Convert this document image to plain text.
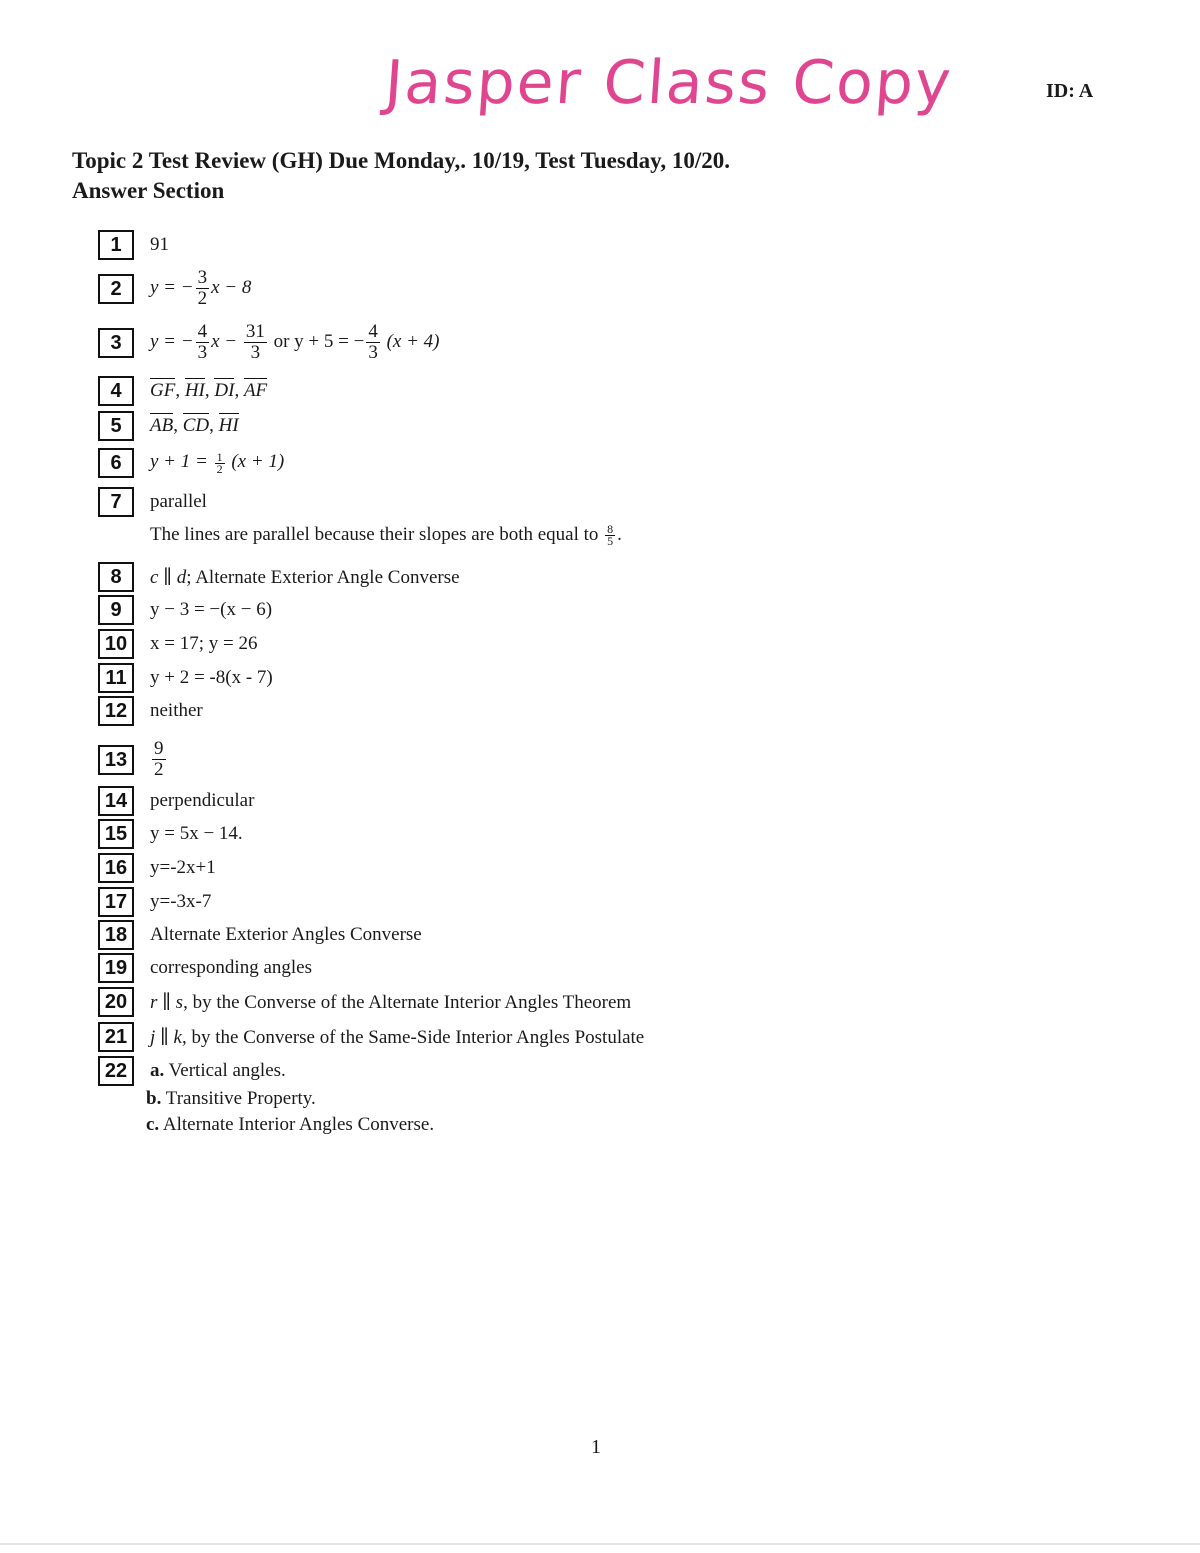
Jasper Class Copy	ID: A
Topic 2 Test Review (GH) Due Monday,. 10/19, Test Tuesday, 10/20.
Answer Section
1	91
2	y = − $\frac{3}{2}$ x − 8
3	y = − $\frac{4}{3}$ $x - \frac{31}{3}$ or y + 5 = − $\frac{4}{3} (x + 4)$
4	GF, HI, DI, AF
5	AB, CD, HI
6	$y + 1 = \frac{1}{2} (x + 1)$
7	parallel
The lines are parallel because their slopes are both equal to $\frac{8}{5}$ .
8	c ∥ d; Alternate Exterior Angle Converse
9	y − 3 = −(x − 6)
10	x = 17; y = 26
11	y + 2 = -8(x - 7)
12	neither
13	$\frac{9}{2}$
14	perpendicular
15	y = 5x − 14.
16	y=-2x+1
17	y=-3x-7
18	Alternate Exterior Angles Converse
19	corresponding angles
20	r ∥ s, by the Converse of the Alternate Interior Angles Theorem
21	j ∥ k, by the Converse of the Same-Side Interior Angles Postulate
22	a. Vertical angles.
b. Transitive Property.
c. Alternate Interior Angles Converse.
1
